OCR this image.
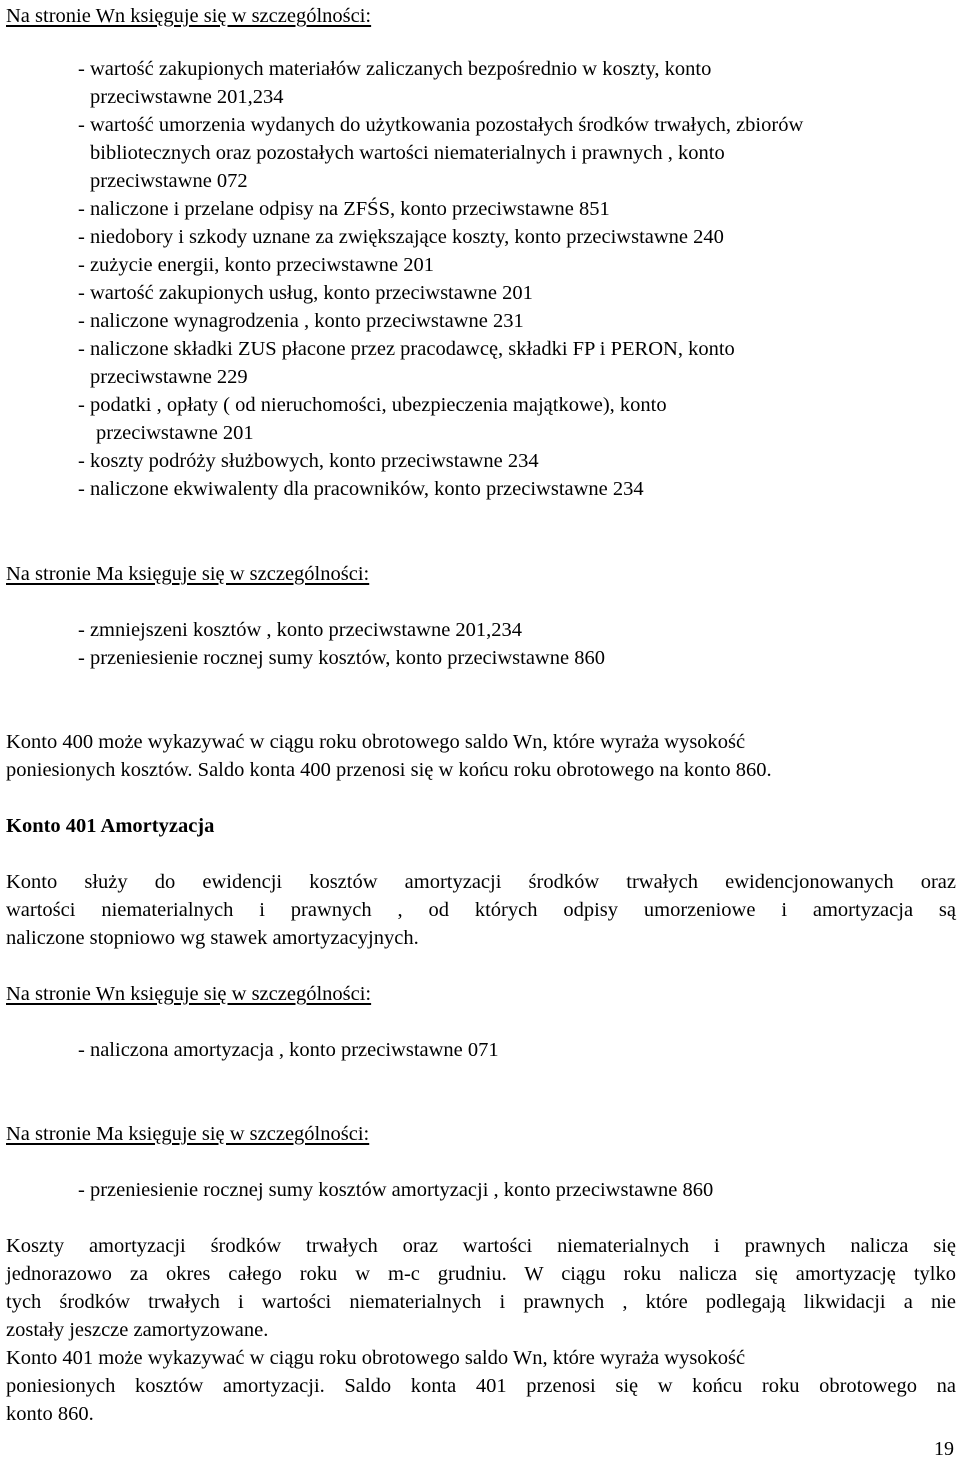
Na stronie Wn księguje się w szczególności:
- wartość zakupionych materiałów zaliczanych bezpośrednio w koszty, konto
przeciwstawne 201,234
- wartość umorzenia wydanych do użytkowania pozostałych środków trwałych, zbiorów
bibliotecznych oraz pozostałych wartości niematerialnych i prawnych , konto
przeciwstawne 072
- naliczone i przelane odpisy na ZFŚS, konto przeciwstawne 851
- niedobory i szkody uznane za zwiększające koszty, konto przeciwstawne 240
- zużycie energii, konto przeciwstawne 201
- wartość zakupionych usług, konto przeciwstawne 201
- naliczone wynagrodzenia , konto przeciwstawne 231
- naliczone składki ZUS płacone przez pracodawcę, składki FP i PERON, konto
przeciwstawne 229
- podatki , opłaty ( od nieruchomości, ubezpieczenia majątkowe), konto
przeciwstawne 201
- koszty podróży służbowych, konto przeciwstawne 234
- naliczone ekwiwalenty dla pracowników, konto przeciwstawne 234
Na stronie Ma księguje się w szczególności:
- zmniejszeni kosztów , konto przeciwstawne 201,234
- przeniesienie rocznej sumy kosztów, konto przeciwstawne 860
Konto 400 może wykazywać w ciągu roku obrotowego saldo Wn, które wyraża wysokość
poniesionych kosztów. Saldo konta 400 przenosi się w końcu roku obrotowego na konto 860.
Konto 401 Amortyzacja
Konto służy do ewidencji kosztów amortyzacji środków trwałych ewidencjonowanych oraz
wartości niematerialnych i prawnych , od których odpisy umorzeniowe i amortyzacja są
naliczone stopniowo wg stawek amortyzacyjnych.
Na stronie Wn księguje się w szczególności:
- naliczona amortyzacja , konto przeciwstawne 071
Na stronie Ma księguje się w szczególności:
- przeniesienie rocznej sumy kosztów amortyzacji , konto przeciwstawne 860
Koszty amortyzacji środków trwałych oraz wartości niematerialnych i prawnych nalicza się
jednorazowo za okres całego roku w m-c grudniu. W ciągu roku nalicza się amortyzację tylko
tych środków trwałych i wartości niematerialnych i prawnych , które podlegają likwidacji a nie
zostały jeszcze zamortyzowane.
Konto 401 może wykazywać w ciągu roku obrotowego saldo Wn, które wyraża wysokość
poniesionych kosztów amortyzacji. Saldo konta 401 przenosi się w końcu roku obrotowego na
konto 860.
19
